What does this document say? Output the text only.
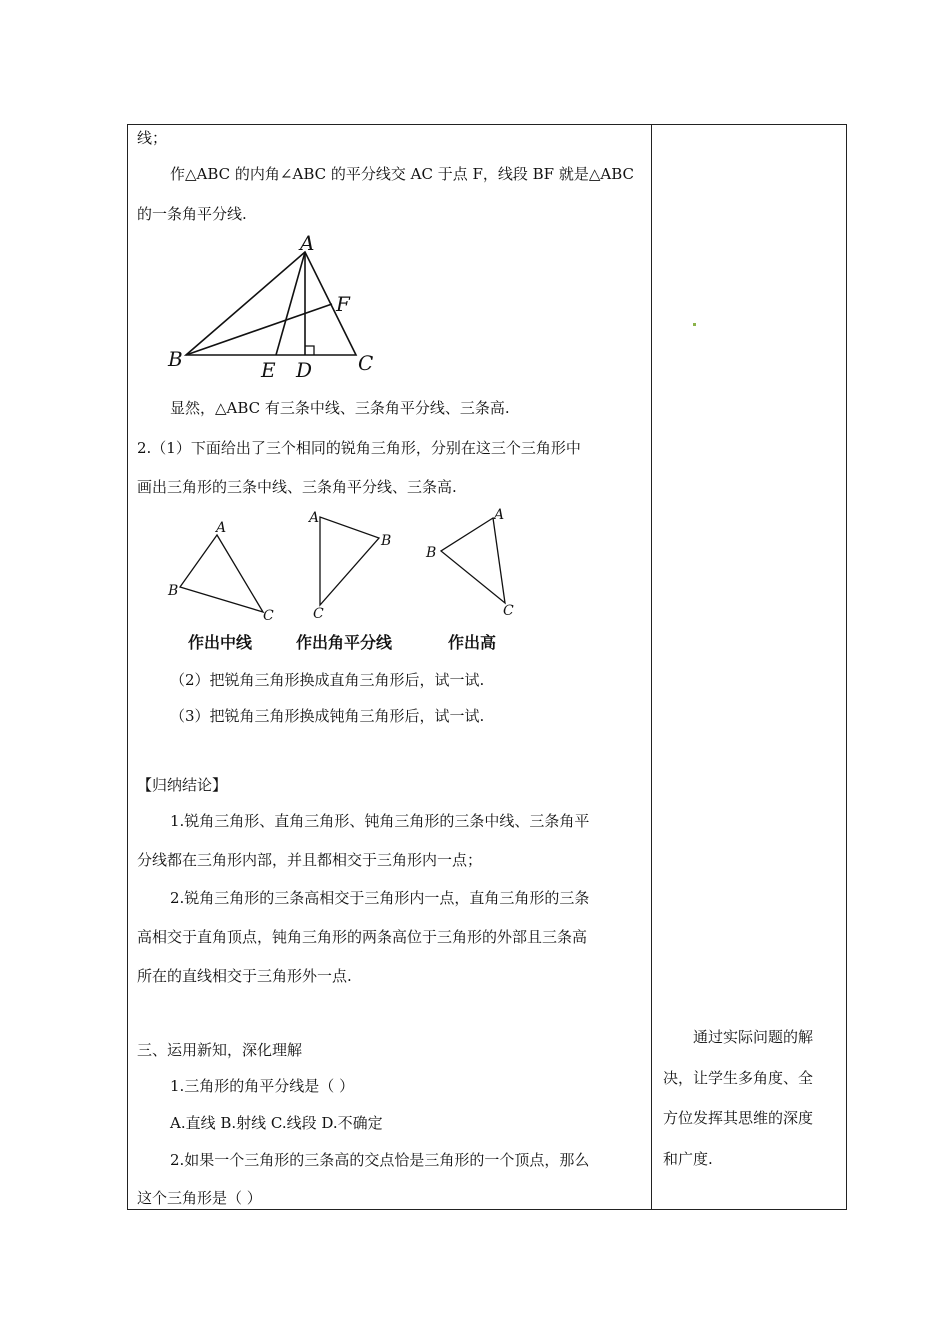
线；
作△ABC 的内角∠ABC 的平分线交 AC 于点 F，线段 BF 就是△ABC
的一条角平分线.
A
B	C
D
E
F
显然，△ABC 有三条中线、三条角平分线、三条高.
2.（1）下面给出了三个相同的锐角三角形，分别在这三个三角形中
画出三角形的三条中线、三条角平分线、三条高.
A
B
C
A
B
C
A
B
C
作出中线	作出角平分线	作出高
（2）把锐角三角形换成直角三角形后，试一试.
（3）把锐角三角形换成钝角三角形后，试一试.
【归纳结论】
1.锐角三角形、直角三角形、钝角三角形的三条中线、三条角平
分线都在三角形内部，并且都相交于三角形内一点；
2.锐角三角形的三条高相交于三角形内一点，直角三角形的三条
高相交于直角顶点，钝角三角形的两条高位于三角形的外部且三条高
所在的直线相交于三角形外一点.
三、运用新知，深化理解
1.三角形的角平分线是（ ）
A.直线 B.射线 C.线段 D.不确定
2.如果一个三角形的三条高的交点恰是三角形的一个顶点，那么
这个三角形是（ ）
通过实际问题的解
决，让学生多角度、全
方位发挥其思维的深度
和广度.
